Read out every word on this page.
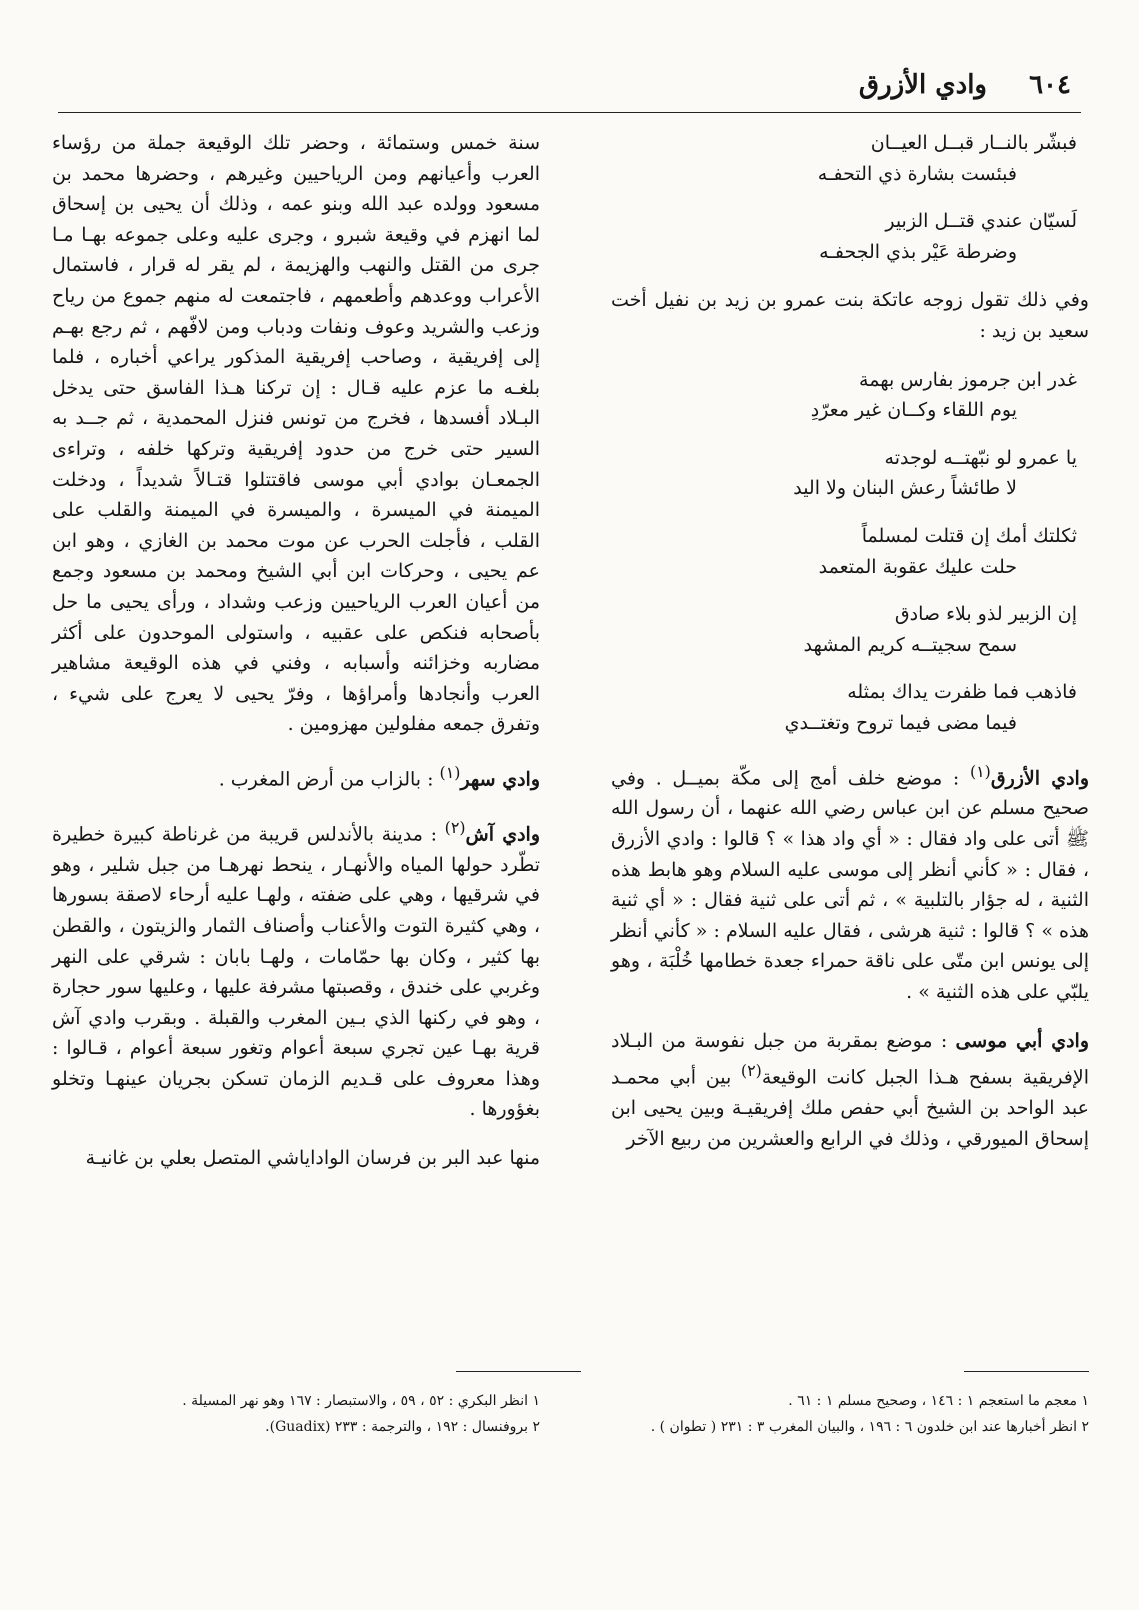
٦٠٤
وادي الأزرق
فبشّر بالنــار قبــل العيــان
فبئست بشارة ذي التحفـه
لَسيّان عندي قتــل الزبير
وضرطة عَيْر بذي الجحفـه

وفي ذلك تقول زوجه عاتكة بنت عمرو بن زيد بن نفيل أخت سعيد بن زيد :

غدر ابن جرموز بفارس بهمة
يوم اللقاء وكــان غير معرّدِ
يا عمرو لو نبّهتــه لوجدته
لا طائشاً رعش البنان ولا اليد
ثكلتك أمك إن قتلت لمسلماً
حلت عليك عقوبة المتعمد
إن الزبير لذو بلاء صادق
سمح سجيتــه كريم المشهد
فاذهب فما ظفرت يداك بمثله
فيما مضى فيما تروح وتغتــدي

وادي الأزرق$^{(١)}$ : موضع خلف أمج إلى مكّة بميــل . وفي صحيح مسلم عن ابن عباس رضي الله عنهما ، أن رسول الله ﷺ أتى على واد فقال : « أي واد هذا » ؟ قالوا : وادي الأزرق ، فقال : « كأني أنظر إلى موسى عليه السلام وهو هابط هذه الثنية ، له جؤار بالتلبية » ، ثم أتى على ثنية فقال : « أي ثنية هذه » ؟ قالوا : ثنية هرشى ، فقال عليه السلام : « كأني أنظر إلى يونس ابن متّى على ناقة حمراء جعدة خطامها خُلْبَة ، وهو يلبّي على هذه الثنية » .

وادي أبي موسى : موضع بمقربة من جبل نفوسة من البـلاد الإفريقية بسفح هـذا الجبل كانت الوقيعة$^{(٢)}$ بين أبي محمـد عبد الواحد بن الشيخ أبي حفص ملك إفريقيـة وبين يحيى ابن إسحاق الميورقي ، وذلك في الرابع والعشرين من ربيع الآخر

سنة خمس وستمائة ، وحضر تلك الوقيعة جملة من رؤساء العرب وأعيانهم ومن الرياحيين وغيرهم ، وحضرها محمد بن مسعود وولده عبد الله وبنو عمه ، وذلك أن يحيى بن إسحاق لما انهزم في وقيعة شبرو ، وجرى عليه وعلى جموعه بهـا مـا جرى من القتل والنهب والهزيمة ، لم يقر له قرار ، فاستمال الأعراب ووعدهم وأطعمهم ، فاجتمعت له منهم جموع من رياح وزعب والشريد وعوف ونفات ودباب ومن لافّهم ، ثم رجع بهـم إلى إفريقية ، وصاحب إفريقية المذكور يراعي أخباره ، فلما بلغـه ما عزم عليه قـال : إن تركنا هـذا الفاسق حتى يدخل البـلاد أفسدها ، فخرج من تونس فنزل المحمدية ، ثم جــد به السير حتى خرج من حدود إفريقية وتركها خلفه ، وتراءى الجمعـان بوادي أبي موسى فاقتتلوا قتـالاً شديداً ، ودخلت الميمنة في الميسرة ، والميسرة في الميمنة والقلب على القلب ، فأجلت الحرب عن موت محمد بن الغازي ، وهو ابن عم يحيى ، وحركات ابن أبي الشيخ ومحمد بن مسعود وجمع من أعيان العرب الرياحيين وزعب وشداد ، ورأى يحيى ما حل بأصحابه فنكص على عقبيه ، واستولى الموحدون على أكثر مضاربه وخزائنه وأسبابه ، وفني في هذه الوقيعة مشاهير العرب وأنجادها وأمراؤها ، وفرّ يحيى لا يعرج على شيء ، وتفرق جمعه مفلولين مهزومين .

وادي سهر$^{(١)}$ : بالزاب من أرض المغرب .

وادي آش$^{(٢)}$ : مدينة بالأندلس قريبة من غرناطة كبيرة خطيرة تطّرد حولها المياه والأنهـار ، ينحط نهرهـا من جبل شلير ، وهو في شرقيها ، وهي على ضفته ، ولهـا عليه أرحاء لاصقة بسورها ، وهي كثيرة التوت والأعناب وأصناف الثمار والزيتون ، والقطن بها كثير ، وكان بها حمّامات ، ولهـا بابان : شرقي على النهر وغربي على خندق ، وقصبتها مشرفة عليها ، وعليها سور حجارة ، وهو في ركنها الذي بـين المغرب والقبلة . وبقرب وادي آش قرية بهـا عين تجري سبعة أعوام وتغور سبعة أعوام ، قـالوا : وهذا معروف على قـديم الزمان تسكن بجريان عينهـا وتخلو بغؤورها .

منها عبد البر بن فرسان الواداياشي المتصل بعلي بن غانيـة

١ معجم ما استعجم ١ : ١٤٦ ، وصحيح مسلم ١ : ٦١ .
٢ انظر أخبارها عند ابن خلدون ٦ : ١٩٦ ، والبيان المغرب ٣ : ٢٣١ ( تطوان ) .
١ انظر البكري : ٥٢ ، ٥٩ ، والاستبصار : ١٦٧ وهو نهر المسيلة .
٢ بروفنسال : ١٩٢ ، والترجمة : ٢٣٣ (Guadix).
